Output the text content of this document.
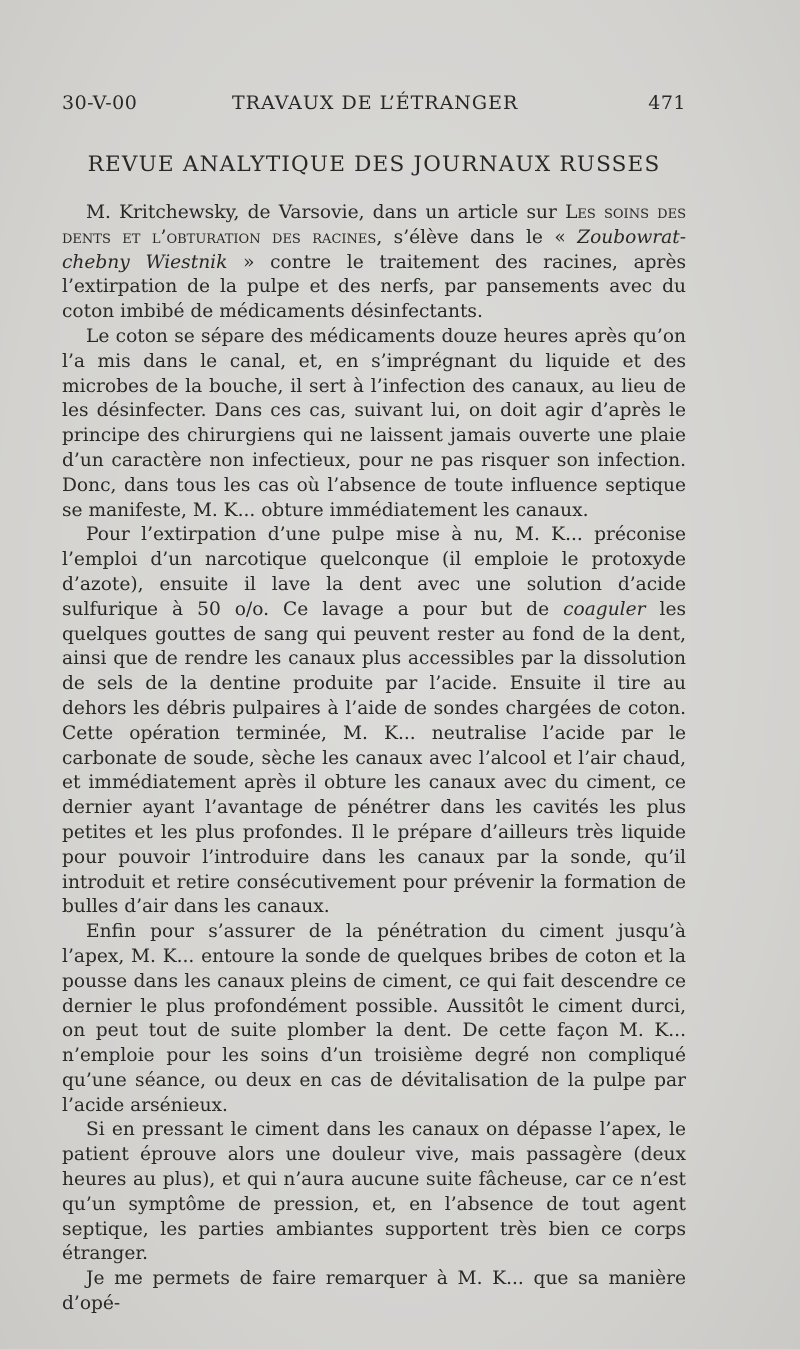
30-V-00	TRAVAUX DE L’ÉTRANGER	471
REVUE ANALYTIQUE DES JOURNAUX RUSSES

M. Kritchewsky, de Varsovie, dans un article sur Les soins des dents et l’obturation des racines, s’élève dans le « Zoubowrat-chebny Wiestnik » contre le traitement des racines, après l’extirpation de la pulpe et des nerfs, par pansements avec du coton imbibé de médicaments désinfectants.

Le coton se sépare des médicaments douze heures après qu’on l’a mis dans le canal, et, en s’imprégnant du liquide et des microbes de la bouche, il sert à l’infection des canaux, au lieu de les désinfecter. Dans ces cas, suivant lui, on doit agir d’après le principe des chirurgiens qui ne laissent jamais ouverte une plaie d’un caractère non infectieux, pour ne pas risquer son infection. Donc, dans tous les cas où l’absence de toute influence septique se manifeste, M. K... obture immédiatement les canaux.

Pour l’extirpation d’une pulpe mise à nu, M. K... préconise l’emploi d’un narcotique quelconque (il emploie le protoxyde d’azote), ensuite il lave la dent avec une solution d’acide sulfurique à 50 o/o. Ce lavage a pour but de coaguler les quelques gouttes de sang qui peuvent rester au fond de la dent, ainsi que de rendre les canaux plus accessibles par la dissolution de sels de la dentine produite par l’acide. Ensuite il tire au dehors les débris pulpaires à l’aide de sondes chargées de coton. Cette opération terminée, M. K... neutralise l’acide par le carbonate de soude, sèche les canaux avec l’alcool et l’air chaud, et immédiatement après il obture les canaux avec du ciment, ce dernier ayant l’avantage de pénétrer dans les cavités les plus petites et les plus profondes. Il le prépare d’ailleurs très liquide pour pouvoir l’introduire dans les canaux par la sonde, qu’il introduit et retire consécutivement pour prévenir la formation de bulles d’air dans les canaux.

Enfin pour s’assurer de la pénétration du ciment jusqu’à l’apex, M. K... entoure la sonde de quelques bribes de coton et la pousse dans les canaux pleins de ciment, ce qui fait descendre ce dernier le plus profondément possible. Aussitôt le ciment durci, on peut tout de suite plomber la dent. De cette façon M. K... n’emploie pour les soins d’un troisième degré non compliqué qu’une séance, ou deux en cas de dévitalisation de la pulpe par l’acide arsénieux.

Si en pressant le ciment dans les canaux on dépasse l’apex, le patient éprouve alors une douleur vive, mais passagère (deux heures au plus), et qui n’aura aucune suite fâcheuse, car ce n’est qu’un symptôme de pression, et, en l’absence de tout agent septique, les parties ambiantes supportent très bien ce corps étranger.

Je me permets de faire remarquer à M. K... que sa manière d’opé-
